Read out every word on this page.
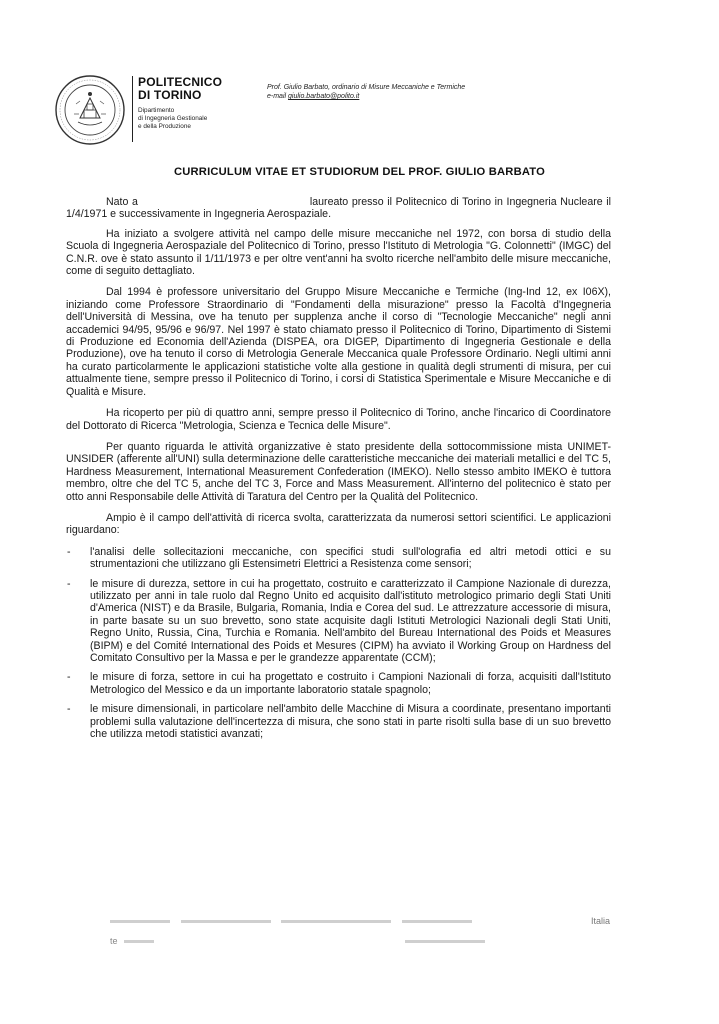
POLITECNICO
DI TORINO
Dipartimento
di Ingegneria Gestionale
e della Produzione
Prof. Giulio Barbato, ordinario di Misure Meccaniche e Termiche
e-mail giulio.barbato@polito.it
CURRICULUM VITAE ET STUDIORUM DEL PROF. GIULIO BARBATO

Nato a	laureato presso il Politecnico di Torino in Ingegneria Nucleare il 1/4/1971 e successivamente in Ingegneria Aerospaziale.

Ha iniziato a svolgere attività nel campo delle misure meccaniche nel 1972, con borsa di studio della Scuola di Ingegneria Aerospaziale del Politecnico di Torino, presso l'Istituto di Metrologia "G. Colonnetti" (IMGC) del C.N.R. ove è stato assunto il 1/11/1973 e per oltre vent'anni ha svolto ricerche nell'ambito delle misure meccaniche, come di seguito dettagliato.

Dal 1994 è professore universitario del Gruppo Misure Meccaniche e Termiche (Ing-Ind 12, ex I06X), iniziando come Professore Straordinario di "Fondamenti della misurazione" presso la Facoltà d'Ingegneria dell'Università di Messina, ove ha tenuto per supplenza anche il corso di "Tecnologie Meccaniche" negli anni accademici 94/95, 95/96 e 96/97. Nel 1997 è stato chiamato presso il Politecnico di Torino, Dipartimento di Sistemi di Produzione ed Economia dell'Azienda (DISPEA, ora DIGEP, Dipartimento di Ingegneria Gestionale e della Produzione), ove ha tenuto il corso di Metrologia Generale Meccanica quale Professore Ordinario. Negli ultimi anni ha curato particolarmente le applicazioni statistiche volte alla gestione in qualità degli strumenti di misura, per cui attualmente tiene, sempre presso il Politecnico di Torino, i corsi di Statistica Sperimentale e Misure Meccaniche e di Qualità e Misure.

Ha ricoperto per più di quattro anni, sempre presso il Politecnico di Torino, anche l'incarico di Coordinatore del Dottorato di Ricerca "Metrologia, Scienza e Tecnica delle Misure".

Per quanto riguarda le attività organizzative è stato presidente della sottocommissione mista UNIMET-UNSIDER (afferente all'UNI) sulla determinazione delle caratteristiche meccaniche dei materiali metallici e del TC 5, Hardness Measurement, International Measurement Confederation (IMEKO). Nello stesso ambito IMEKO è tuttora membro, oltre che del TC 5, anche del TC 3, Force and Mass Measurement. All'interno del politecnico è stato per otto anni Responsabile delle Attività di Taratura del Centro per la Qualità del Politecnico.

Ampio è il campo dell'attività di ricerca svolta, caratterizzata da numerosi settori scientifici. Le applicazioni riguardano:

- l'analisi delle sollecitazioni meccaniche, con specifici studi sull'olografia ed altri metodi ottici e su strumentazioni che utilizzano gli Estensimetri Elettrici a Resistenza come sensori;
- le misure di durezza, settore in cui ha progettato, costruito e caratterizzato il Campione Nazionale di durezza, utilizzato per anni in tale ruolo dal Regno Unito ed acquisito dall'istituto metrologico primario degli Stati Uniti d'America (NIST) e da Brasile, Bulgaria, Romania, India e Corea del sud. Le attrezzature accessorie di misura, in parte basate su un suo brevetto, sono state acquisite dagli Istituti Metrologici Nazionali degli Stati Uniti, Regno Unito, Russia, Cina, Turchia e Romania. Nell'ambito del Bureau International des Poids et Measures (BIPM) e del Comité International des Poids et Mesures (CIPM) ha avviato il Working Group on Hardness del Comitato Consultivo per la Massa e per le grandezze apparentate (CCM);
- le misure di forza, settore in cui ha progettato e costruito i Campioni Nazionali di forza, acquisiti dall'Istituto Metrologico del Messico e da un importante laboratorio statale spagnolo;
- le misure dimensionali, in particolare nell'ambito delle Macchine di Misura a coordinate, presentano importanti problemi sulla valutazione dell'incertezza di misura, che sono stati in parte risolti sulla base di un suo brevetto che utilizza metodi statistici avanzati;

Italia
te
